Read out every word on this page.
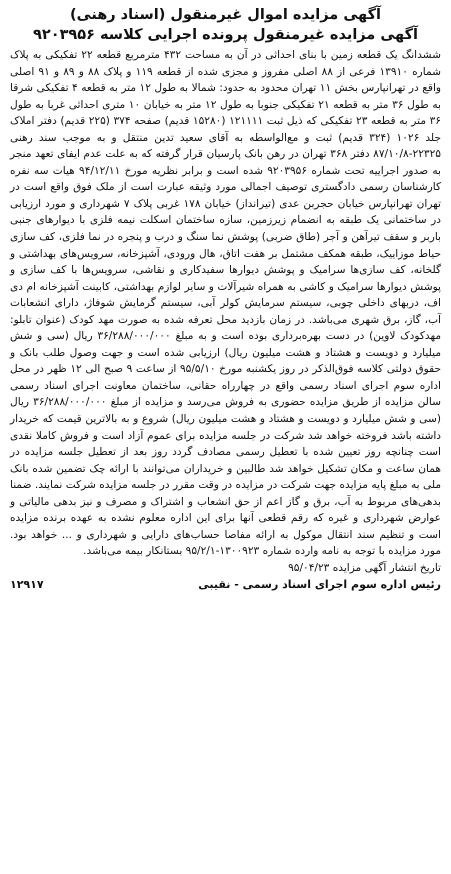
آگهی مزایده اموال غیرمنقول (اسناد رهنی)
آگهی مزایده غیرمنقول پرونده اجرایی کلاسه ۹۲۰۳۹۵۶

ششدانگ یک قطعه زمین با بنای احداثی در آن به مساحت ۴۳۲ مترمربع قطعه ۲۲ تفکیکی به پلاک شماره ۱۳۹۱۰ فرعی از ۸۸ اصلی مفروز و مجزی شده از قطعه ۱۱۹ و پلاک ۸۸ و ۸۹ و ۹۱ اصلی واقع در تهرانپارس بخش ۱۱ تهران محدود به حدود: شمالا به طول ۱۲ متر به قطعه ۴ تفکیکی شرقا به طول ۳۶ متر به قطعه ۲۱ تفکیکی جنوبا به طول ۱۲ متر به خیابان ۱۰ متری احداثی غربا به طول ۳۶ متر به قطعه ۲۳ تفکیکی که ذیل ثبت ۱۲۱۱۱۱ (۱۵۲۸۰ قدیم) صفحه ۳۷۴ (۲۲۵ قدیم) دفتر املاک جلد ۱۰۲۶ (۳۲۴ قدیم) ثبت و مع‌الواسطه به آقای سعید تدین منتقل و به موجب سند رهنی ۲۲۳۲۵-۸۷/۱۰/۸ دفتر ۳۶۸ تهران در رهن بانک پارسیان قرار گرفته که به علت عدم ایفای تعهد منجر به صدور اجراییه تحت شماره ۹۲۰۳۹۵۶ شده است و برابر نظریه مورخ ۹۴/۱۲/۱۱ هیات سه نفره کارشناسان رسمی دادگستری توصیف اجمالی مورد وثیقه عبارت است از ملک فوق واقع است در تهران تهرانپارس خیابان حجربن عدی (تیرانداز) خیابان ۱۷۸ غربی پلاک ۷ شهرداری و مورد ارزیابی در ساختمانی یک طبقه به انضمام زیرزمین، سازه ساختمان اسکلت نیمه فلزی با دیوارهای جنبی باربر و سقف تیرآهن و آجر (طاق ضربی) پوشش نما سنگ و درب و پنجره در نما فلزی، کف سازی حیاط موزاییک، طبقه همکف مشتمل بر هفت اتاق، هال ورودی، آشپزخانه، سرویس‌های بهداشتی و گلخانه، کف سازی‌ها سرامیک و پوشش دیوارها سفیدکاری و نقاشی، سرویس‌ها با کف سازی و پوشش دیوارها سرامیک و کاشی به همراه شیرآلات و سایر لوازم بهداشتی، کابینت آشپزخانه ام دی اف، دربهای داخلی چوبی، سیستم سرمایش کولر آبی، سیستم گرمایش شوفاژ، دارای انشعابات آب، گاز، برق شهری می‌باشد. در زمان بازدید محل تعرفه شده به صورت مهد کودک (عنوان تابلو: مهدکودک لاوین) در دست بهره‌برداری بوده است و به مبلغ ۳۶/۲۸۸/۰۰۰/۰۰۰ ریال (سی و شش میلیارد و دویست و هشتاد و هشت میلیون ریال) ارزیابی شده است و جهت وصول طلب بانک و حقوق دولتی کلاسه فوق‌الذکر در روز یکشنبه مورخ ۹۵/۵/۱۰ از ساعت ۹ صبح الی ۱۲ ظهر در محل اداره سوم اجرای اسناد رسمی واقع در چهارراه حقانی، ساختمان معاونت اجرای اسناد رسمی سالن مزایده از طریق مزایده حضوری به فروش می‌رسد و مزایده از مبلغ ۳۶/۲۸۸/۰۰۰/۰۰۰ ریال (سی و شش میلیارد و دویست و هشتاد و هشت میلیون ریال) شروع و به بالاترین قیمت که خریدار داشته باشد فروخته خواهد شد شرکت در جلسه مزایده برای عموم آزاد است و فروش کاملا نقدی است چنانچه روز تعیین شده با تعطیل رسمی مصادف گردد روز بعد از تعطیل جلسه مزایده در همان ساعت و مکان تشکیل خواهد شد طالبین و خریداران می‌توانند با ارائه چک تضمین شده بانک ملی به مبلغ پایه مزایده جهت شرکت در مزایده در وقت مقرر در جلسه مزایده شرکت نمایند. ضمنا بدهی‌های مربوط به آب، برق و گاز اعم از حق انشعاب و اشتراک و مصرف و نیز بدهی مالیاتی و عوارض شهرداری و غیره که رقم قطعی آنها برای این اداره معلوم نشده به عهده برنده مزایده است و تنظیم سند انتقال موکول به ارائه مفاصا حساب‌های دارایی و شهرداری و ... خواهد بود. مورد مزایده با توجه به نامه وارده شماره ۱۳۰۰۹۲۳-۹۵/۲/۱ بستانکار بیمه می‌باشد.

تاریخ انتشار آگهی مزایده ۹۵/۰۴/۲۳

رئیس اداره سوم اجرای اسناد رسمی - نقیبی
۱۲۹۱۷
